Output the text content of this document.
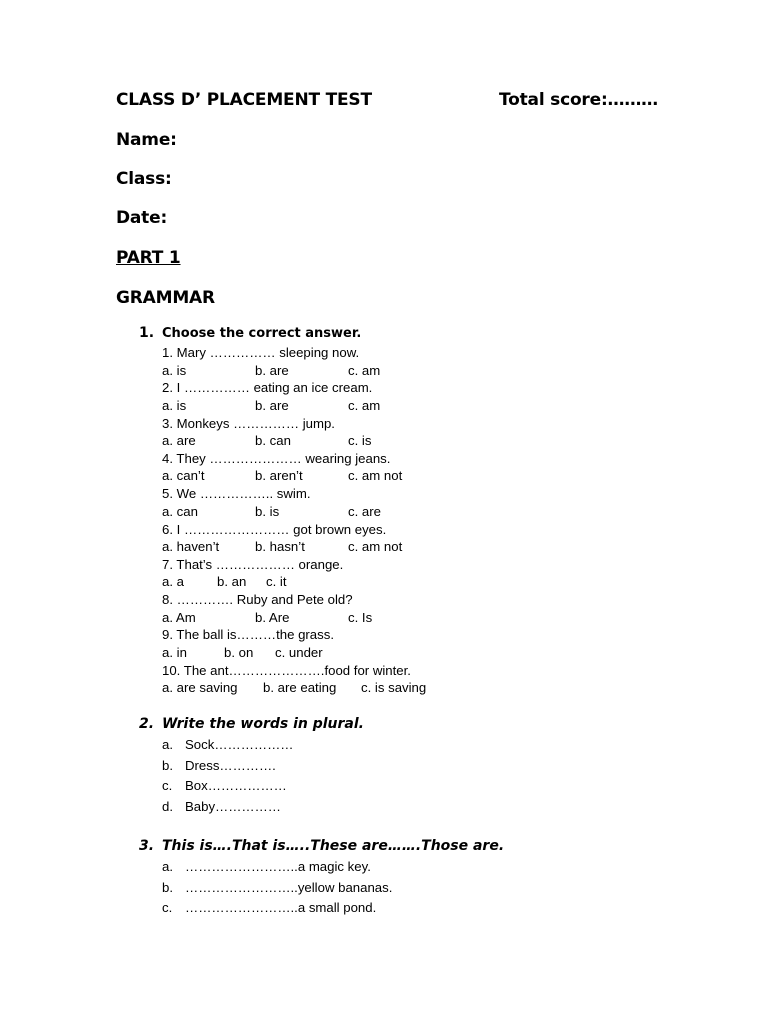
CLASS D’ PLACEMENT TEST	Total score:………
Name:
Class:
Date:
PART 1
GRAMMAR
1. Choose the correct answer.
1. Mary …………… sleeping now.
a. is	b. are	c. am
2. I …………… eating an ice cream.
a. is	b. are	c. am
3. Monkeys …………… jump.
a. are	b. can	c. is
4. They ………………… wearing jeans.
a. can’t	b. aren’t	c. am not
5. We …………….. swim.
a. can	b. is	c. are
6. I …………………… got brown eyes.
a. haven’t	b. hasn’t	c. am not
7. That’s ……………… orange.
a. a	b. an c. it
8. …………. Ruby and Pete old?
a. Am	b. Are	c. Is
9. The ball is………the grass.
a. in	b. on c. under
10. The ant………………….food for winter.
a. are saving b. are eating c. is saving
2. Write the words in plural.
a. Sock………………
b. Dress………….
c. Box………………
d. Baby……………
3. This is….That is…..These are…….Those are.
a. ……………………..a magic key.
b. ……………………..yellow bananas.
c. ……………………..a small pond.
